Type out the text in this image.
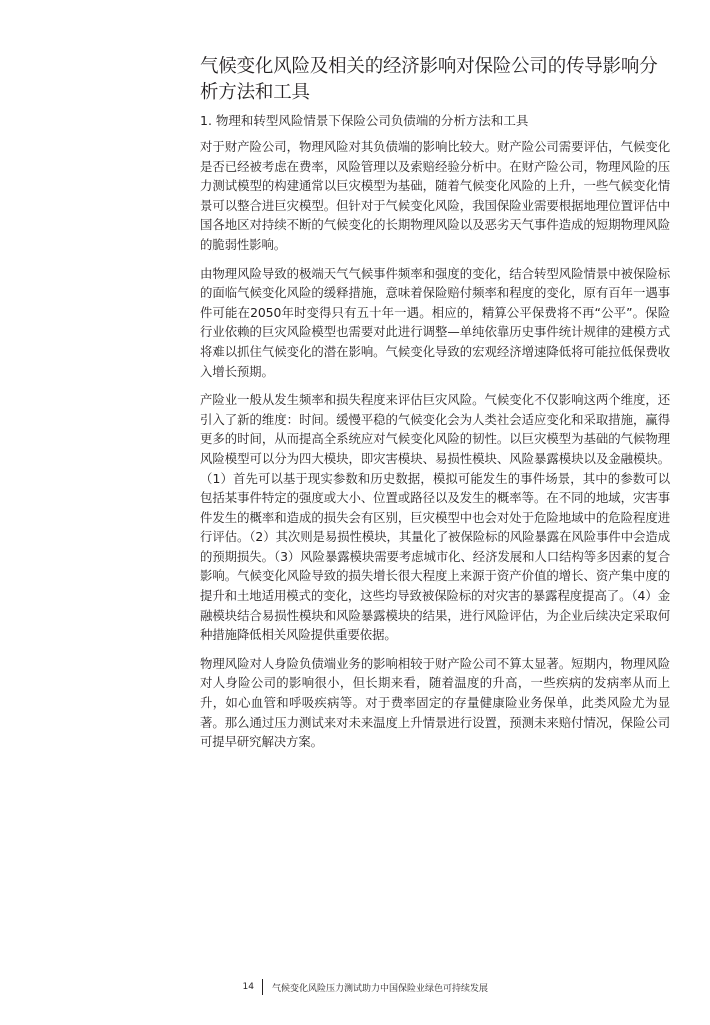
气候变化风险及相关的经济影响对保险公司的传导影响分析方法和工具
1. 物理和转型风险情景下保险公司负债端的分析方法和工具

对于财产险公司，物理风险对其负债端的影响比较大。财产险公司需要评估，气候变化是否已经被考虑在费率，风险管理以及索赔经验分析中。在财产险公司，物理风险的压力测试模型的构建通常以巨灾模型为基础，随着气候变化风险的上升，一些气候变化情景可以整合进巨灾模型。但针对于气候变化风险，我国保险业需要根据地理位置评估中国各地区对持续不断的气候变化的长期物理风险以及恶劣天气事件造成的短期物理风险的脆弱性影响。

由物理风险导致的极端天气气候事件频率和强度的变化，结合转型风险情景中被保险标的面临气候变化风险的缓释措施，意味着保险赔付频率和程度的变化，原有百年一遇事件可能在2050年时变得只有五十年一遇。相应的，精算公平保费将不再“公平”。保险行业依赖的巨灾风险模型也需要对此进行调整—单纯依靠历史事件统计规律的建模方式将难以抓住气候变化的潜在影响。气候变化导致的宏观经济增速降低将可能拉低保费收入增长预期。

产险业一般从发生频率和损失程度来评估巨灾风险。气候变化不仅影响这两个维度，还引入了新的维度：时间。缓慢平稳的气候变化会为人类社会适应变化和采取措施，赢得更多的时间，从而提高全系统应对气候变化风险的韧性。以巨灾模型为基础的气候物理风险模型可以分为四大模块，即灾害模块、易损性模块、风险暴露模块以及金融模块。（1）首先可以基于现实参数和历史数据，模拟可能发生的事件场景，其中的参数可以包括某事件特定的强度或大小、位置或路径以及发生的概率等。在不同的地域，灾害事件发生的概率和造成的损失会有区别，巨灾模型中也会对处于危险地域中的危险程度进行评估。（2）其次则是易损性模块，其量化了被保险标的风险暴露在风险事件中会造成的预期损失。（3）风险暴露模块需要考虑城市化、经济发展和人口结构等多因素的复合影响。气候变化风险导致的损失增长很大程度上来源于资产价值的增长、资产集中度的提升和土地适用模式的变化，这些均导致被保险标的对灾害的暴露程度提高了。（4）金融模块结合易损性模块和风险暴露模块的结果，进行风险评估，为企业后续决定采取何种措施降低相关风险提供重要依据。

物理风险对人身险负债端业务的影响相较于财产险公司不算太显著。短期内，物理风险对人身险公司的影响很小，但长期来看，随着温度的升高，一些疾病的发病率从而上升，如心血管和呼吸疾病等。对于费率固定的存量健康险业务保单，此类风险尤为显著。那么通过压力测试来对未来温度上升情景进行设置，预测未来赔付情况，保险公司可提早研究解决方案。

14 气候变化风险压力测试助力中国保险业绿色可持续发展
